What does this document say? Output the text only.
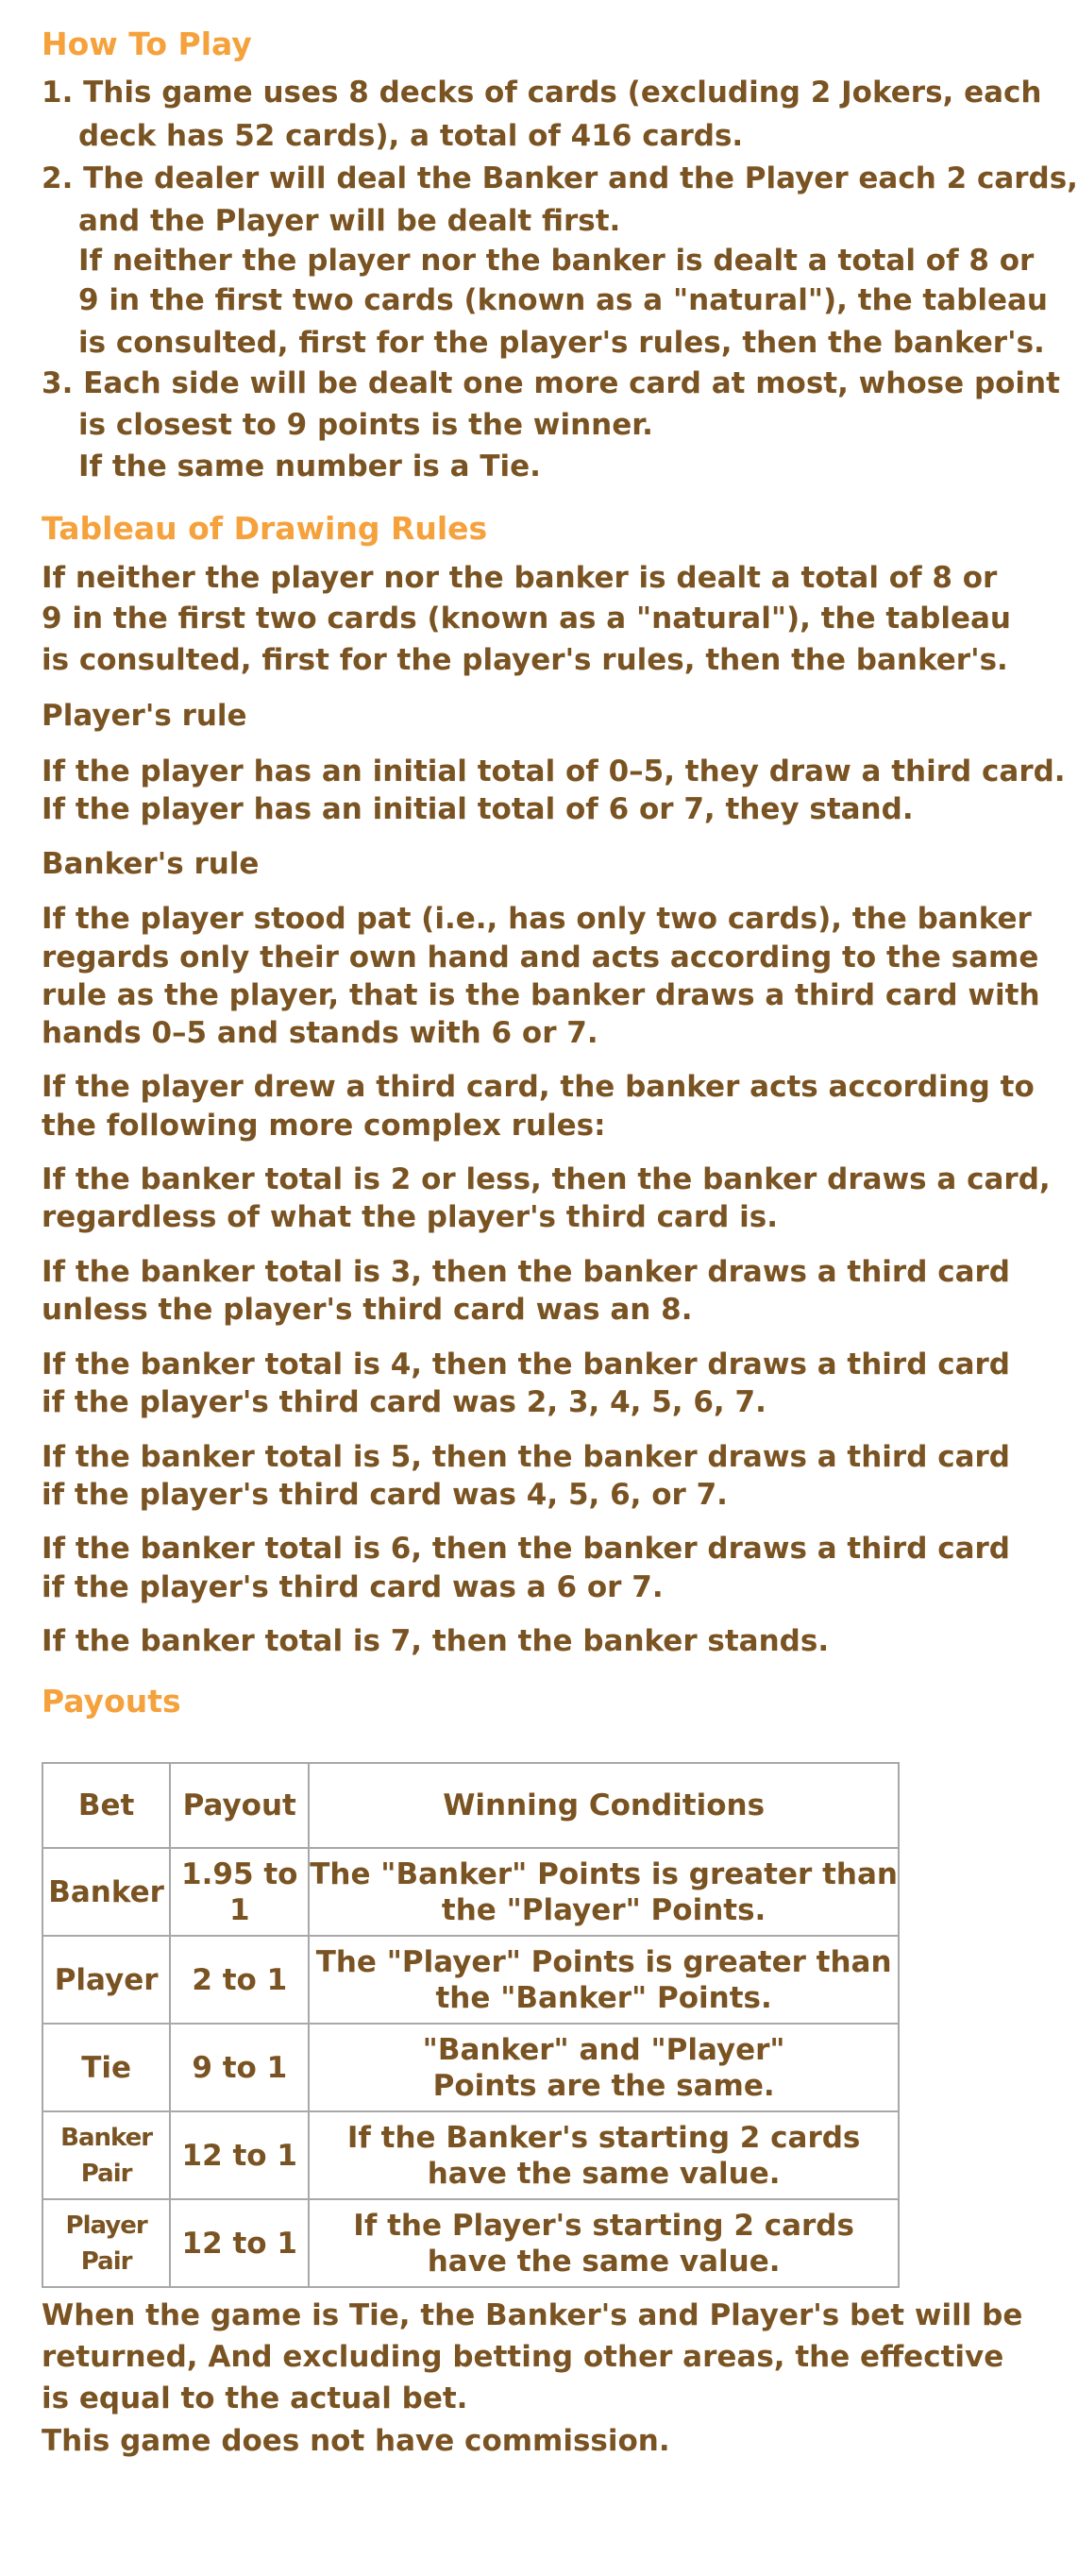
How To Play
1. This game uses 8 decks of cards (excluding 2 Jokers, each
deck has 52 cards), a total of 416 cards.
2. The dealer will deal the Banker and the Player each 2 cards,
and the Player will be dealt first.
If neither the player nor the banker is dealt a total of 8 or
9 in the first two cards (known as a "natural"), the tableau
is consulted, first for the player's rules, then the banker's.
3. Each side will be dealt one more card at most, whose point
is closest to 9 points is the winner.
If the same number is a Tie.
Tableau of Drawing Rules
If neither the player nor the banker is dealt a total of 8 or
9 in the first two cards (known as a "natural"), the tableau
is consulted, first for the player's rules, then the banker's.
Player's rule
If the player has an initial total of 0–5, they draw a third card.
If the player has an initial total of 6 or 7, they stand.
Banker's rule
If the player stood pat (i.e., has only two cards), the banker
regards only their own hand and acts according to the same
rule as the player, that is the banker draws a third card with
hands 0–5 and stands with 6 or 7.
If the player drew a third card, the banker acts according to
the following more complex rules:
If the banker total is 2 or less, then the banker draws a card,
regardless of what the player's third card is.
If the banker total is 3, then the banker draws a third card
unless the player's third card was an 8.
If the banker total is 4, then the banker draws a third card
if the player's third card was 2, 3, 4, 5, 6, 7.
If the banker total is 5, then the banker draws a third card
if the player's third card was 4, 5, 6, or 7.
If the banker total is 6, then the banker draws a third card
if the player's third card was a 6 or 7.
If the banker total is 7, then the banker stands.
Payouts
Bet	Payout	Winning Conditions
Banker	1.95 to 1	The "Banker" Points is greater than
the "Player" Points.
Player	2 to 1	The "Player" Points is greater than
the "Banker" Points.
Tie	9 to 1	"Banker" and "Player"
Points are the same.
Banker Pair	12 to 1	If the Banker's starting 2 cards
have the same value.
Player Pair	12 to 1	If the Player's starting 2 cards
have the same value.
When the game is Tie, the Banker's and Player's bet will be
returned, And excluding betting other areas, the effective
is equal to the actual bet.
This game does not have commission.
